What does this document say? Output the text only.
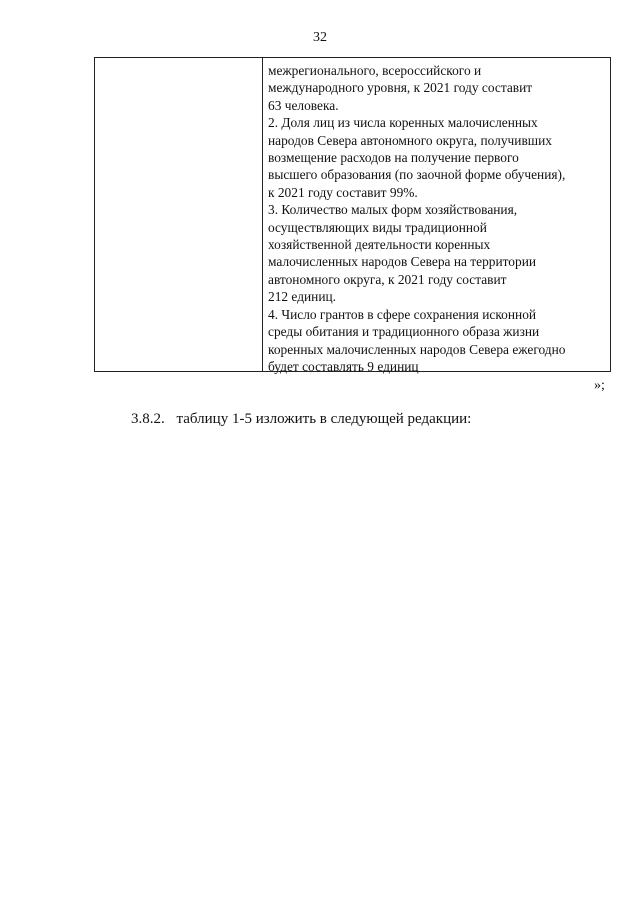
32
межрегионального, всероссийского и
международного уровня, к 2021 году составит
63 человека.
2. Доля лиц из числа коренных малочисленных
народов Севера автономного округа, получивших
возмещение расходов на получение первого
высшего образования (по заочной форме обучения),
к 2021 году составит 99%.
3. Количество малых форм хозяйствования,
осуществляющих виды традиционной
хозяйственной деятельности коренных
малочисленных народов Севера на территории
автономного округа, к 2021 году составит
212 единиц.
4. Число грантов в сфере сохранения исконной
среды обитания и традиционного образа жизни
коренных малочисленных народов Севера ежегодно
будет составлять 9 единиц
»;
3.8.2. таблицу 1-5 изложить в следующей редакции:
